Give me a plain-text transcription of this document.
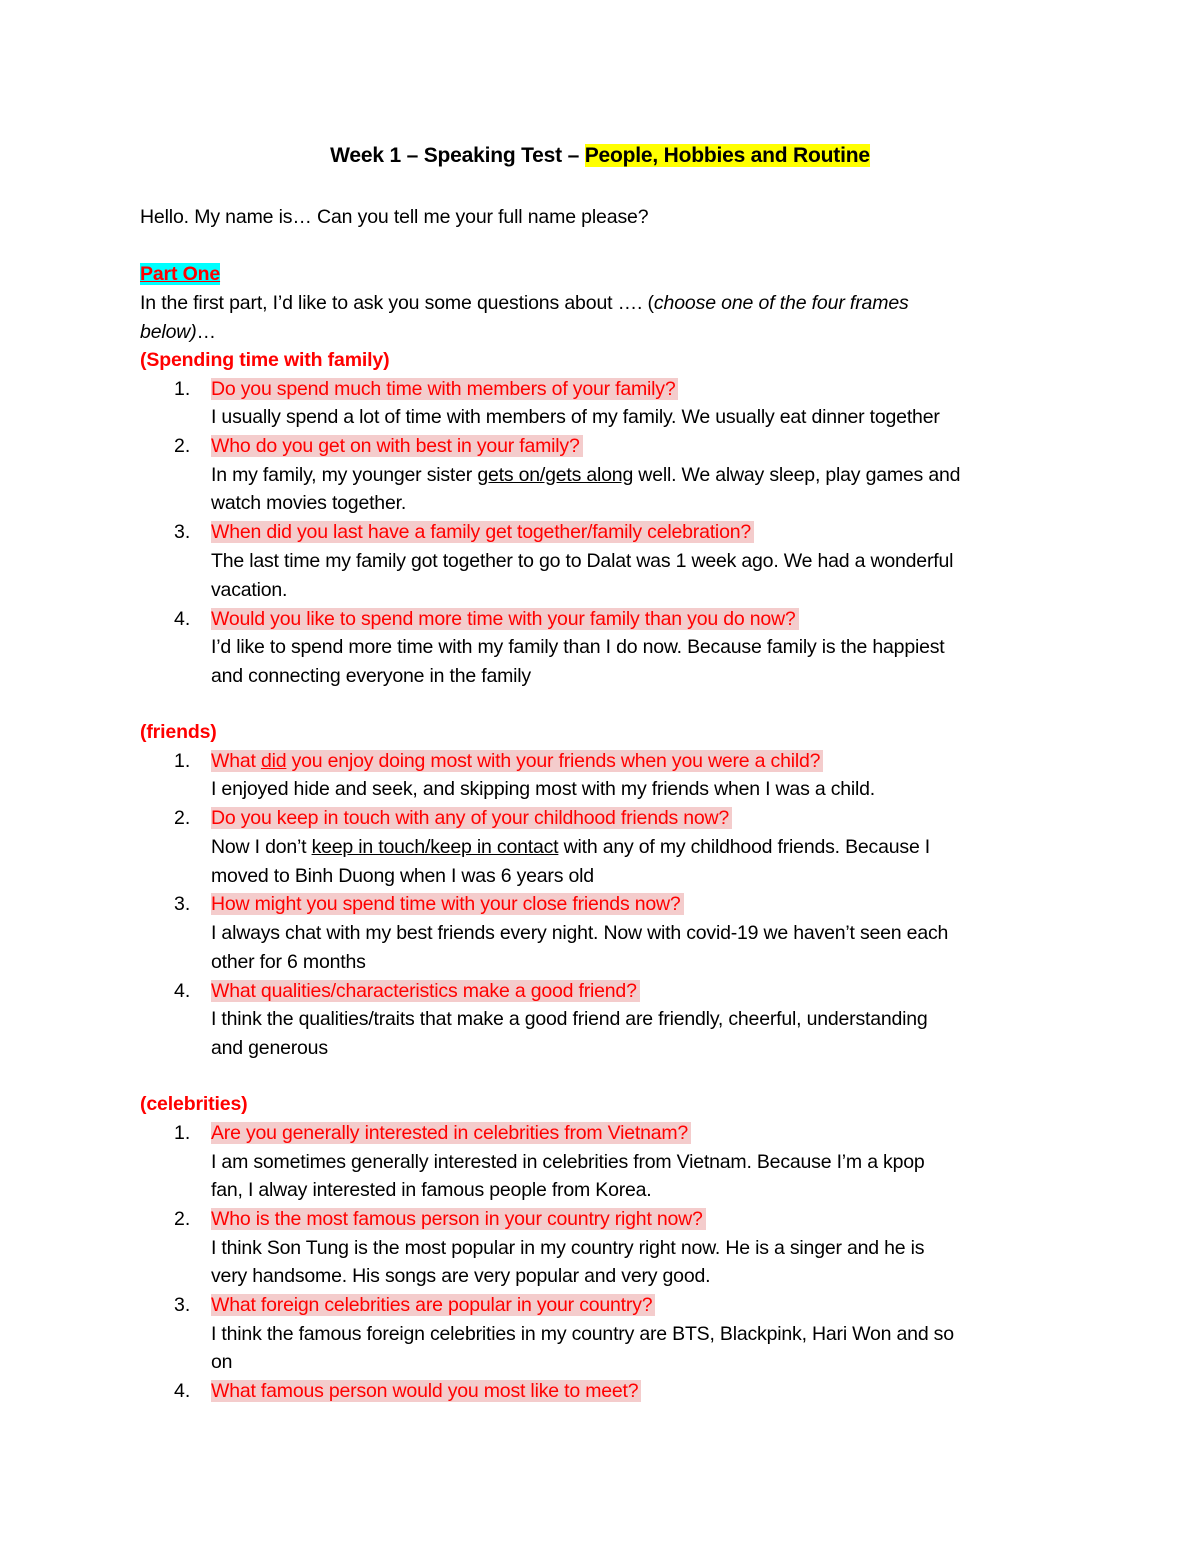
Week 1 – Speaking Test – People, Hobbies and Routine
Hello. My name is… Can you tell me your full name please?
Part One
In the first part, I’d like to ask you some questions about …. (choose one of the four frames
below)…
(Spending time with family)
1. Do you spend much time with members of your family?
I usually spend a lot of time with members of my family. We usually eat dinner together
2. Who do you get on with best in your family?
In my family, my younger sister gets on/gets along well. We alway sleep, play games and
watch movies together.
3. When did you last have a family get together/family celebration?
The last time my family got together to go to Dalat was 1 week ago. We had a wonderful
vacation.
4. Would you like to spend more time with your family than you do now?
I’d like to spend more time with my family than I do now. Because family is the happiest
and connecting everyone in the family
(friends)
1. What did you enjoy doing most with your friends when you were a child?
I enjoyed hide and seek, and skipping most with my friends when I was a child.
2. Do you keep in touch with any of your childhood friends now?
Now I don’t keep in touch/keep in contact with any of my childhood friends. Because I
moved to Binh Duong when I was 6 years old
3. How might you spend time with your close friends now?
I always chat with my best friends every night. Now with covid-19 we haven’t seen each
other for 6 months
4. What qualities/characteristics make a good friend?
I think the qualities/traits that make a good friend are friendly, cheerful, understanding
and generous
(celebrities)
1. Are you generally interested in celebrities from Vietnam?
I am sometimes generally interested in celebrities from Vietnam. Because I’m a kpop
fan, I alway interested in famous people from Korea.
2. Who is the most famous person in your country right now?
I think Son Tung is the most popular in my country right now. He is a singer and he is
very handsome. His songs are very popular and very good.
3. What foreign celebrities are popular in your country?
I think the famous foreign celebrities in my country are BTS, Blackpink, Hari Won and so
on
4. What famous person would you most like to meet?
